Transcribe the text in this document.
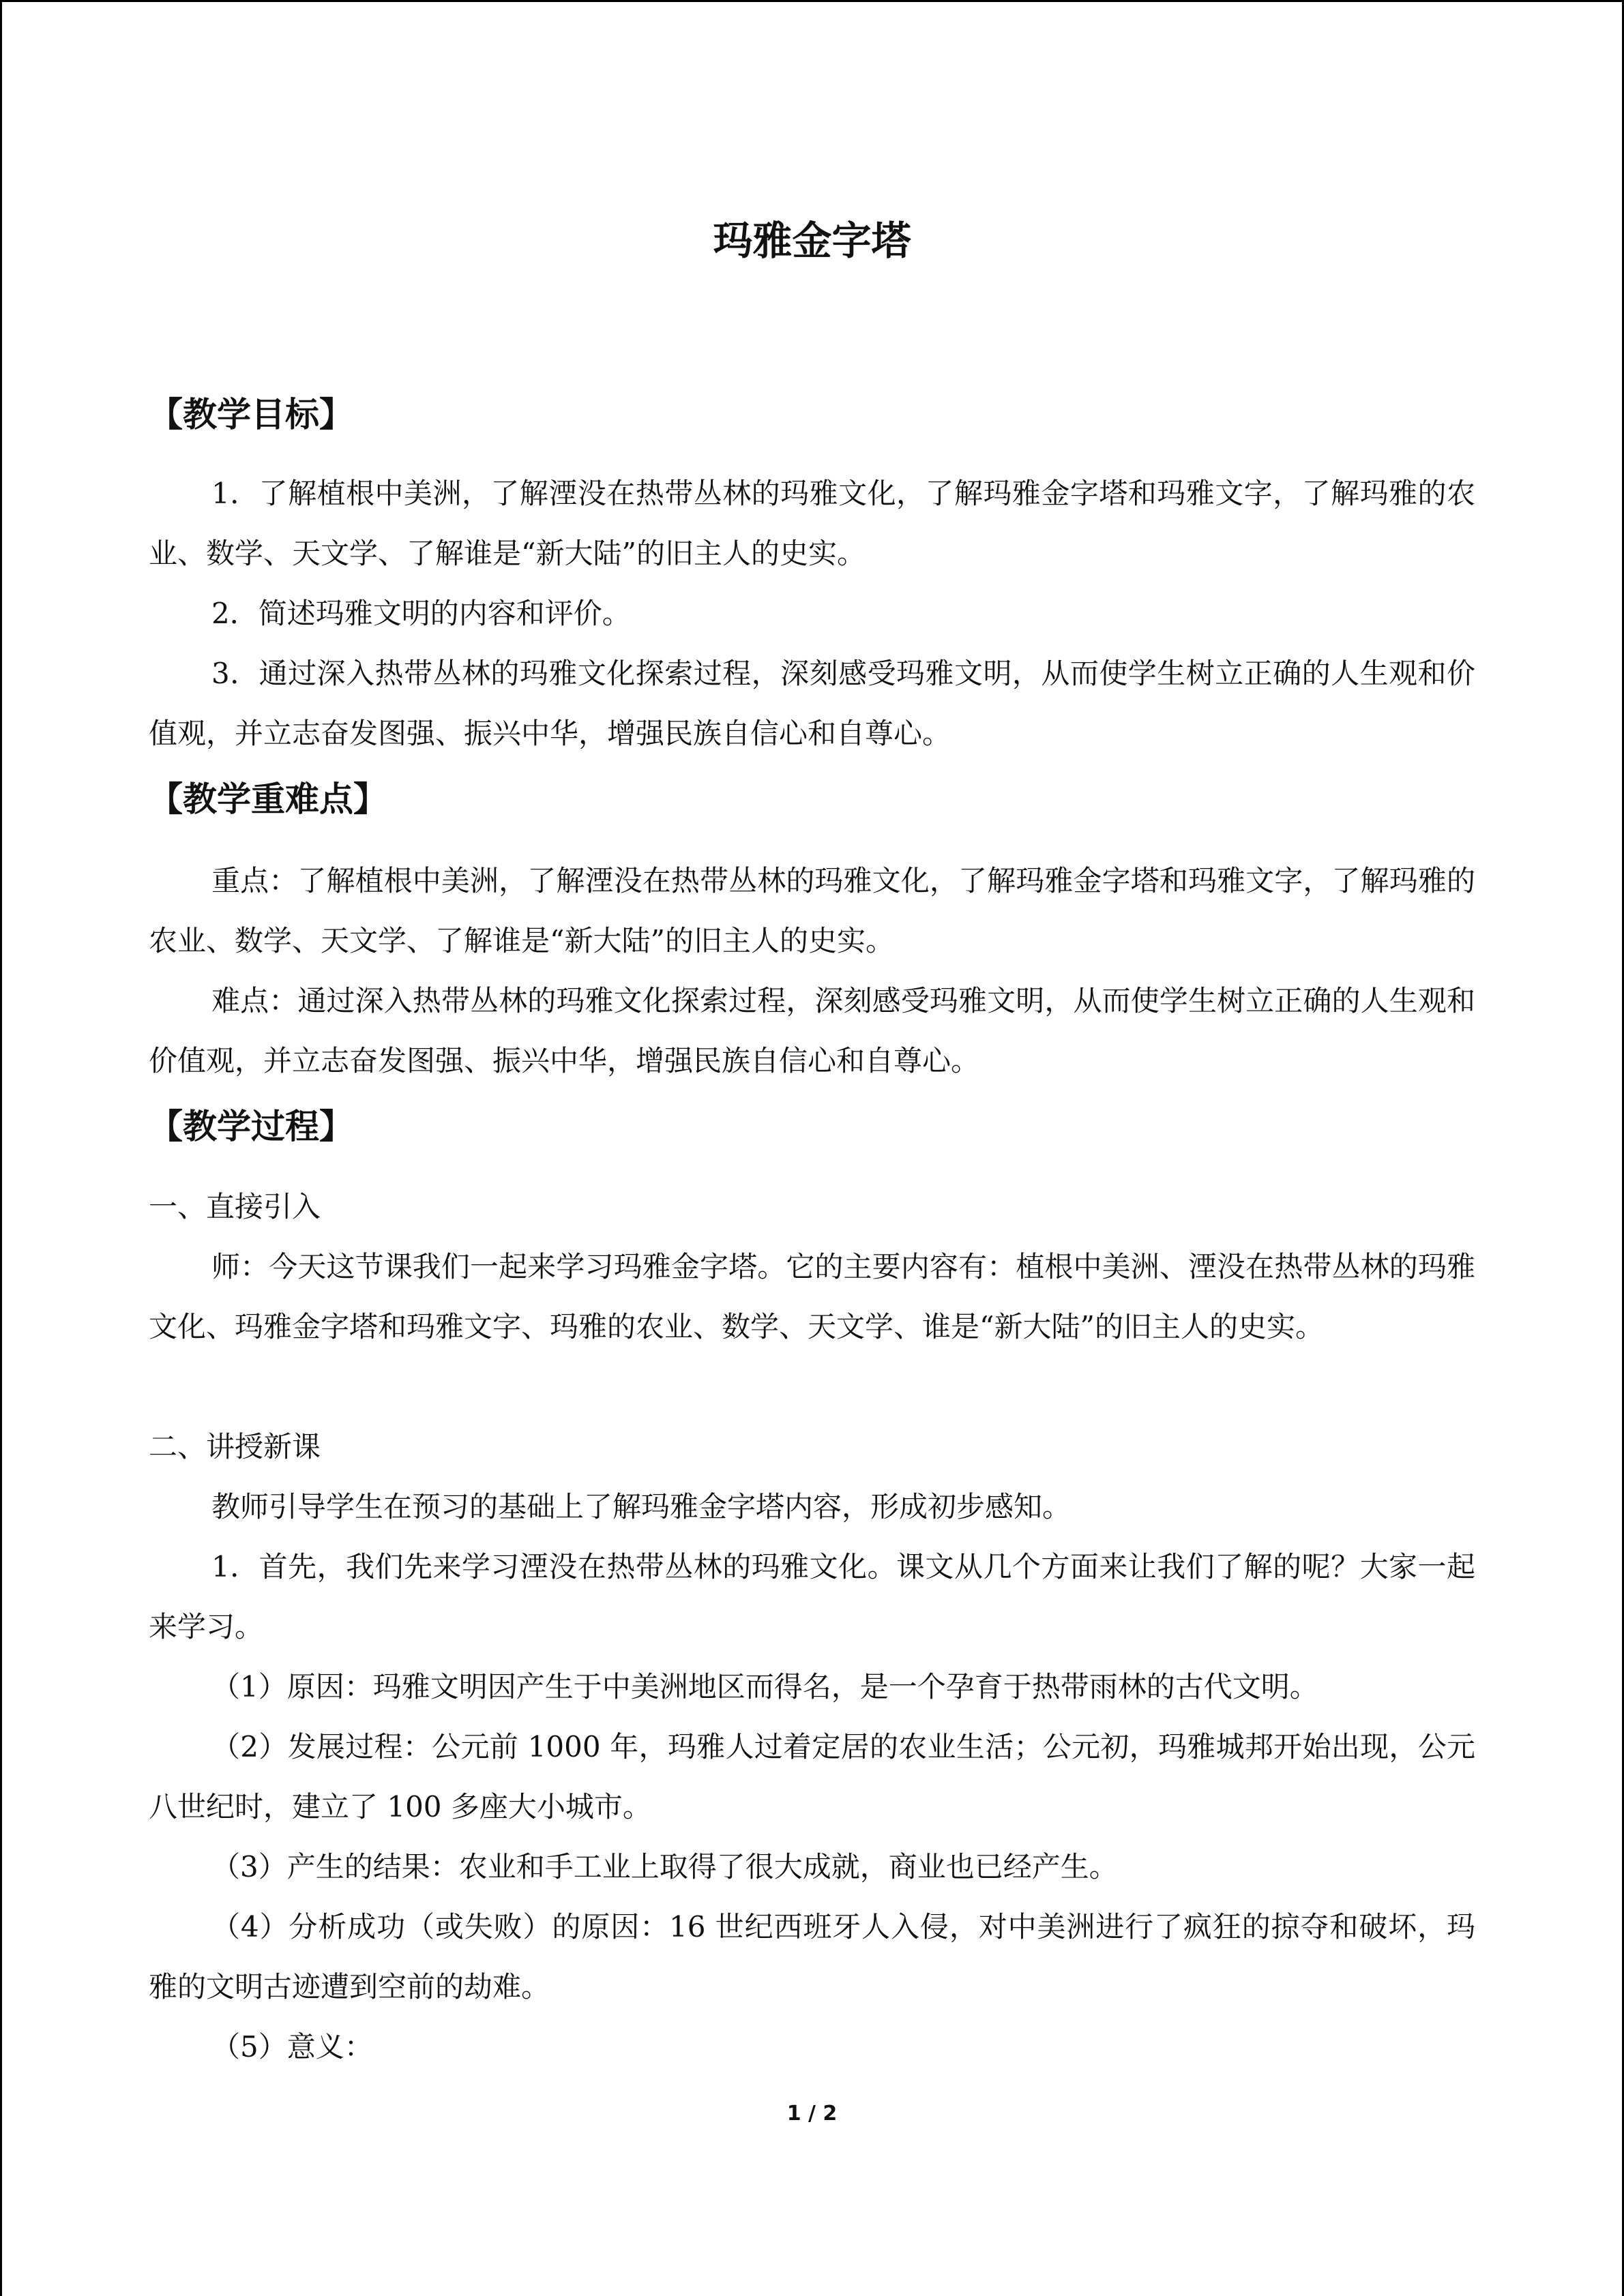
玛雅金字塔
【教学目标】

1．了解植根中美洲，了解湮没在热带丛林的玛雅文化，了解玛雅金字塔和玛雅文字，了解玛雅的农业、数学、天文学、了解谁是“新大陆”的旧主人的史实。

2．简述玛雅文明的内容和评价。

3．通过深入热带丛林的玛雅文化探索过程，深刻感受玛雅文明，从而使学生树立正确的人生观和价值观，并立志奋发图强、振兴中华，增强民族自信心和自尊心。

【教学重难点】

重点：了解植根中美洲，了解湮没在热带丛林的玛雅文化，了解玛雅金字塔和玛雅文字，了解玛雅的农业、数学、天文学、了解谁是“新大陆”的旧主人的史实。

难点：通过深入热带丛林的玛雅文化探索过程，深刻感受玛雅文明，从而使学生树立正确的人生观和价值观，并立志奋发图强、振兴中华，增强民族自信心和自尊心。

【教学过程】
一、直接引入

师：今天这节课我们一起来学习玛雅金字塔。它的主要内容有：植根中美洲、湮没在热带丛林的玛雅文化、玛雅金字塔和玛雅文字、玛雅的农业、数学、天文学、谁是“新大陆”的旧主人的史实。

二、讲授新课

教师引导学生在预习的基础上了解玛雅金字塔内容，形成初步感知。

1．首先，我们先来学习湮没在热带丛林的玛雅文化。课文从几个方面来让我们了解的呢？大家一起来学习。

（1）原因：玛雅文明因产生于中美洲地区而得名，是一个孕育于热带雨林的古代文明。

（2）发展过程：公元前 1000 年，玛雅人过着定居的农业生活；公元初，玛雅城邦开始出现，公元八世纪时，建立了 100 多座大小城市。

（3）产生的结果：农业和手工业上取得了很大成就，商业也已经产生。

（4）分析成功（或失败）的原因：16 世纪西班牙人入侵，对中美洲进行了疯狂的掠夺和破坏，玛雅的文明古迹遭到空前的劫难。

（5）意义：

1 / 2
